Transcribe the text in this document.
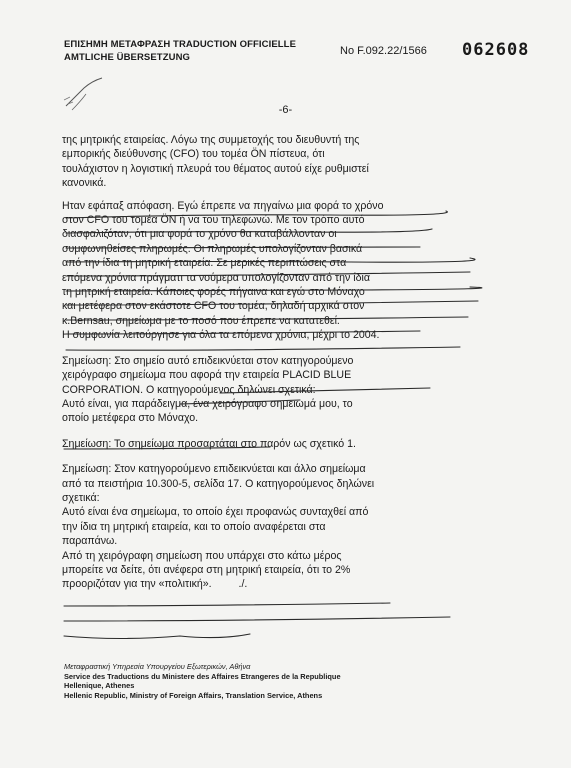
ΕΠΙΣΗΜΗ ΜΕΤΑΦΡΑΣΗ TRADUCTION OFFICIELLE
AMTLICHE ÜBERSETZUNG
No F.092.22/1566 062608
-6-

της μητρικής εταιρείας. Λόγω της συμμετοχής του διευθυντή της

εμπορικής διεύθυνσης (CFO) του τομέα ÖN πίστευα, ότι

τουλάχιστον η λογιστική πλευρά του θέματος αυτού είχε ρυθμιστεί

κανονικά.

Ηταν εφάπαξ απόφαση. Εγώ έπρεπε να πηγαίνω μια φορά το χρόνο

στον CFO του τομέα ÖN ή να του τηλεφωνώ. Με τον τρόπο αυτό

διασφαλιζόταν, ότι μια φορά το χρόνο θα καταβάλλονταν οι

συμφωνηθείσες πληρωμές. Οι πληρωμές υπολογίζονταν βασικά

από την ίδια τη μητρική εταιρεία. Σε μερικές περιπτώσεις στα

επόμενα χρόνια πράγματι τα νούμερα υπολογίζονταν από την ίδια

τη μητρική εταιρεία. Κάποιες φορές πήγαινα και εγώ στο Μόναχο

και μετέφερα στον εκάστοτε CFO του τομέα, δηλαδή αρχικά στον

κ.Bernsau, σημείωμα με το ποσό που έπρεπε να κατατεθεί.

Η συμφωνία λειτούργησε για όλα τα επόμενα χρόνια, μέχρι το 2004.

Σημείωση: Στο σημείο αυτό επιδεικνύεται στον κατηγορούμενο

χειρόγραφο σημείωμα που αφορά την εταιρεία PLACID BLUE

CORPORATION. Ο κατηγορούμενος δηλώνει σχετικά:

Αυτό είναι, για παράδειγμα, ένα χειρόγραφο σημειωμά μου, το

οποίο μετέφερα στο Μόναχο.

Σημείωση: Το σημείωμα προσαρτάται στο παρόν ως σχετικό 1.

Σημείωση: Στον κατηγορούμενο επιδεικνύεται και άλλο σημείωμα

από τα πειστήρια 10.300-5, σελίδα 17. Ο κατηγορούμενος δηλώνει

σχετικά:

Αυτό είναι ένα σημείωμα, το οποίο έχει προφανώς συνταχθεί από

την ίδια τη μητρική εταιρεία, και το οποίο αναφέρεται στα

παραπάνω.

Από τη χειρόγραφη σημείωση που υπάρχει στο κάτω μέρος

μπορείτε να δείτε, ότι ανέφερα στη μητρική εταιρεία, ότι το 2%

προοριζόταν για την «πολιτική».	./.

Μεταφραστική Υπηρεσία Υπουργείου Εξωτερικών, Αθήνα
Service des Traductions du Ministere des Affaires Etrangeres de la Republique
Hellenique, Athenes
Hellenic Republic, Ministry of Foreign Affairs, Translation Service, Athens
